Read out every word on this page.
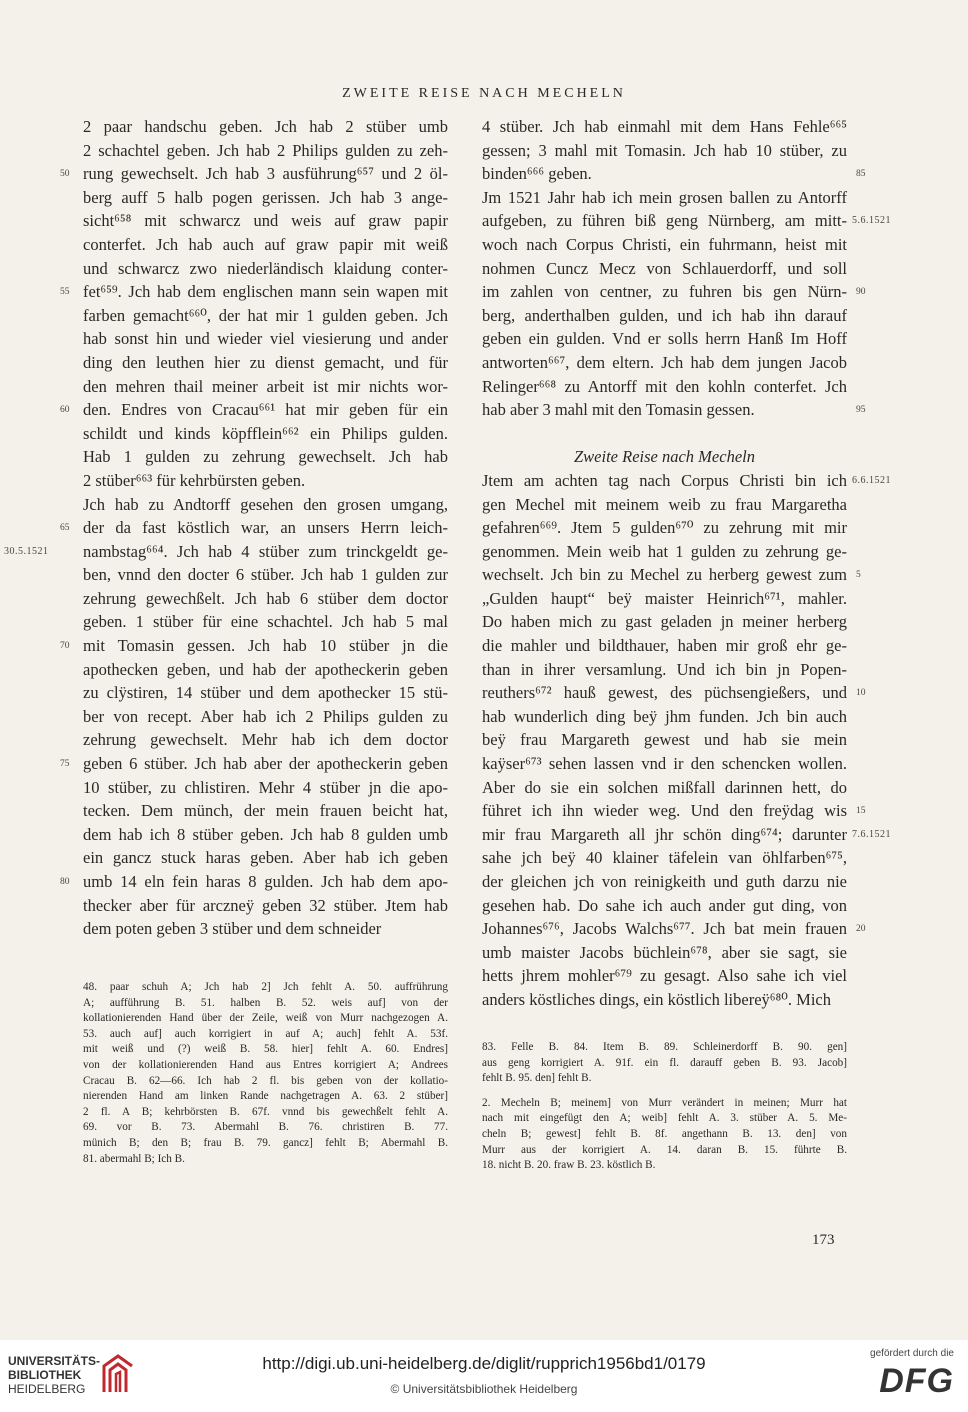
ZWEITE REISE NACH MECHELN
2 paar handschu geben. Jch hab 2 stüber umb
2 schachtel geben. Jch hab 2 Philips gulden zu zeh-
rung gewechselt. Jch hab 3 ausführung⁶⁵⁷ und 2 öl-
berg auff 5 halb pogen gerissen. Jch hab 3 ange-
sicht⁶⁵⁸ mit schwarcz und weis auf graw papir
conterfet. Jch hab auch auf graw papir mit weiß
und schwarcz zwo niederländisch klaidung conter-
fet⁶⁵⁹. Jch hab dem englischen mann sein wapen mit
farben gemacht⁶⁶⁰, der hat mir 1 gulden geben. Jch
hab sonst hin und wieder viel viesierung und ander
ding den leuthen hier zu dienst gemacht, und für
den mehren thail meiner arbeit ist mir nichts wor-
den. Endres von Cracau⁶⁶¹ hat mir geben für ein
schildt und kinds köpfflein⁶⁶² ein Philips gulden.
Hab 1 gulden zu zehrung gewechselt. Jch hab
2 stüber⁶⁶³ für kehrbürsten geben.
Jch hab zu Andtorff gesehen den grosen umgang,
der da fast köstlich war, an unsers Herrn leich-
nambstag⁶⁶⁴. Jch hab 4 stüber zum trinckgeldt ge-
ben, vnnd den docter 6 stüber. Jch hab 1 gulden zur
zehrung gewechßelt. Jch hab 6 stüber dem doctor
geben. 1 stüber für eine schachtel. Jch hab 5 mal
mit Tomasin gessen. Jch hab 10 stüber jn die
apothecken geben, und hab der apotheckerin geben
zu clÿstiren, 14 stüber und dem apothecker 15 stü-
ber von recept. Aber hab ich 2 Philips gulden zu
zehrung gewechselt. Mehr hab ich dem doctor
geben 6 stüber. Jch hab aber der apotheckerin geben
10 stüber, zu chlistiren. Mehr 4 stüber jn die apo-
tecken. Dem münch, der mein frauen beicht hat,
dem hab ich 8 stüber geben. Jch hab 8 gulden umb
ein gancz stuck haras geben. Aber hab ich geben
umb 14 eln fein haras 8 gulden. Jch hab dem apo-
thecker aber für arczneÿ geben 32 stüber. Jtem hab
dem poten geben 3 stüber und dem schneider
4 stüber. Jch hab einmahl mit dem Hans Fehle⁶⁶⁵
gessen; 3 mahl mit Tomasin. Jch hab 10 stüber, zu
binden⁶⁶⁶ geben.
Jm 1521 Jahr hab ich mein grosen ballen zu Antorff
aufgeben, zu führen biß geng Nürnberg, am mitt-
woch nach Corpus Christi, ein fuhrmann, heist mit
nohmen Cuncz Mecz von Schlauerdorff, und soll
im zahlen von centner, zu fuhren bis gen Nürn-
berg, anderthalben gulden, und ich hab ihn darauf
geben ein gulden. Vnd er solls herrn Hanß Im Hoff
antworten⁶⁶⁷, dem eltern. Jch hab dem jungen Jacob
Relinger⁶⁶⁸ zu Antorff mit den kohln conterfet. Jch
hab aber 3 mahl mit den Tomasin gessen.
Zweite Reise nach Mecheln
Jtem am achten tag nach Corpus Christi bin ich
gen Mechel mit meinem weib zu frau Margaretha
gefahren⁶⁶⁹. Jtem 5 gulden⁶⁷⁰ zu zehrung mit mir
genommen. Mein weib hat 1 gulden zu zehrung ge-
wechselt. Jch bin zu Mechel zu herberg gewest zum
„Gulden haupt“ beÿ maister Heinrich⁶⁷¹, mahler.
Do haben mich zu gast geladen jn meiner herberg
die mahler und bildthauer, haben mir groß ehr ge-
than in ihrer versamlung. Und ich bin jn Popen-
reuthers⁶⁷² hauß gewest, des püchsengießers, und
hab wunderlich ding beÿ jhm funden. Jch bin auch
beÿ frau Margareth gewest und hab sie mein
kaÿser⁶⁷³ sehen lassen vnd ir den schencken wollen.
Aber do sie ein solchen mißfall darinnen hett, do
führet ich ihn wieder weg. Und den freÿdag wis
mir frau Margareth all jhr schön ding⁶⁷⁴; darunter
sahe jch beÿ 40 klainer täfelein van öhlfarben⁶⁷⁵,
der gleichen jch von reinigkeith und guth darzu nie
gesehen hab. Do sahe ich auch ander gut ding, von
Johannes⁶⁷⁶, Jacobs Walchs⁶⁷⁷. Jch bat mein frauen
umb maister Jacobs büchlein⁶⁷⁸, aber sie sagt, sie
hetts jhrem mohler⁶⁷⁹ zu gesagt. Also sahe ich viel
anders köstliches dings, ein köstlich libereÿ⁶⁸⁰. Mich
50
55
60
65
70
75
80
85
90
95
5
10
15
20
30.5.1521
5.6.1521
6.6.1521
7.6.1521
48. paar schuh A; Jch hab 2] Jch fehlt A. 50. auffrührung
A; aufführung B. 51. halben B. 52. weis auf] von der
kollationierenden Hand über der Zeile, weiß von Murr nachgezogen A.
53. auch auf] auch korrigiert in auf A; auch] fehlt A. 53f.
mit weiß und (?) weiß B. 58. hier] fehlt A. 60. Endres]
von der kollationierenden Hand aus Entres korrigiert A; Andrees
Cracau B. 62—66. Ich hab 2 fl. bis geben von der kollatio-
nierenden Hand am linken Rande nachgetragen A. 63. 2 stüber]
2 fl. A B; kehrbörsten B. 67f. vnnd bis gewechßelt fehlt A.
69. vor B. 73. Abermahl B. 76. christiren B. 77.
münich B; den B; frau B. 79. gancz] fehlt B; Abermahl B.
81. abermahl B; Ich B.
83. Felle B. 84. Item B. 89. Schleinerdorff B. 90. gen]
aus geng korrigiert A. 91f. ein fl. darauff geben B. 93. Jacob]
fehlt B. 95. den] fehlt B.
2. Mecheln B; meinem] von Murr verändert in meinen; Murr hat
nach mit eingefügt den A; weib] fehlt A. 3. stüber A. 5. Me-
cheln B; gewest] fehlt B. 8f. angethann B. 13. den] von
Murr aus der korrigiert A. 14. daran B. 15. führte B.
18. nicht B. 20. fraw B. 23. köstlich B.
173
UNIVERSITÄTS-
BIBLIOTHEK
HEIDELBERG
http://digi.ub.uni-heidelberg.de/diglit/rupprich1956bd1/0179
© Universitätsbibliothek Heidelberg
gefördert durch die
DFG
